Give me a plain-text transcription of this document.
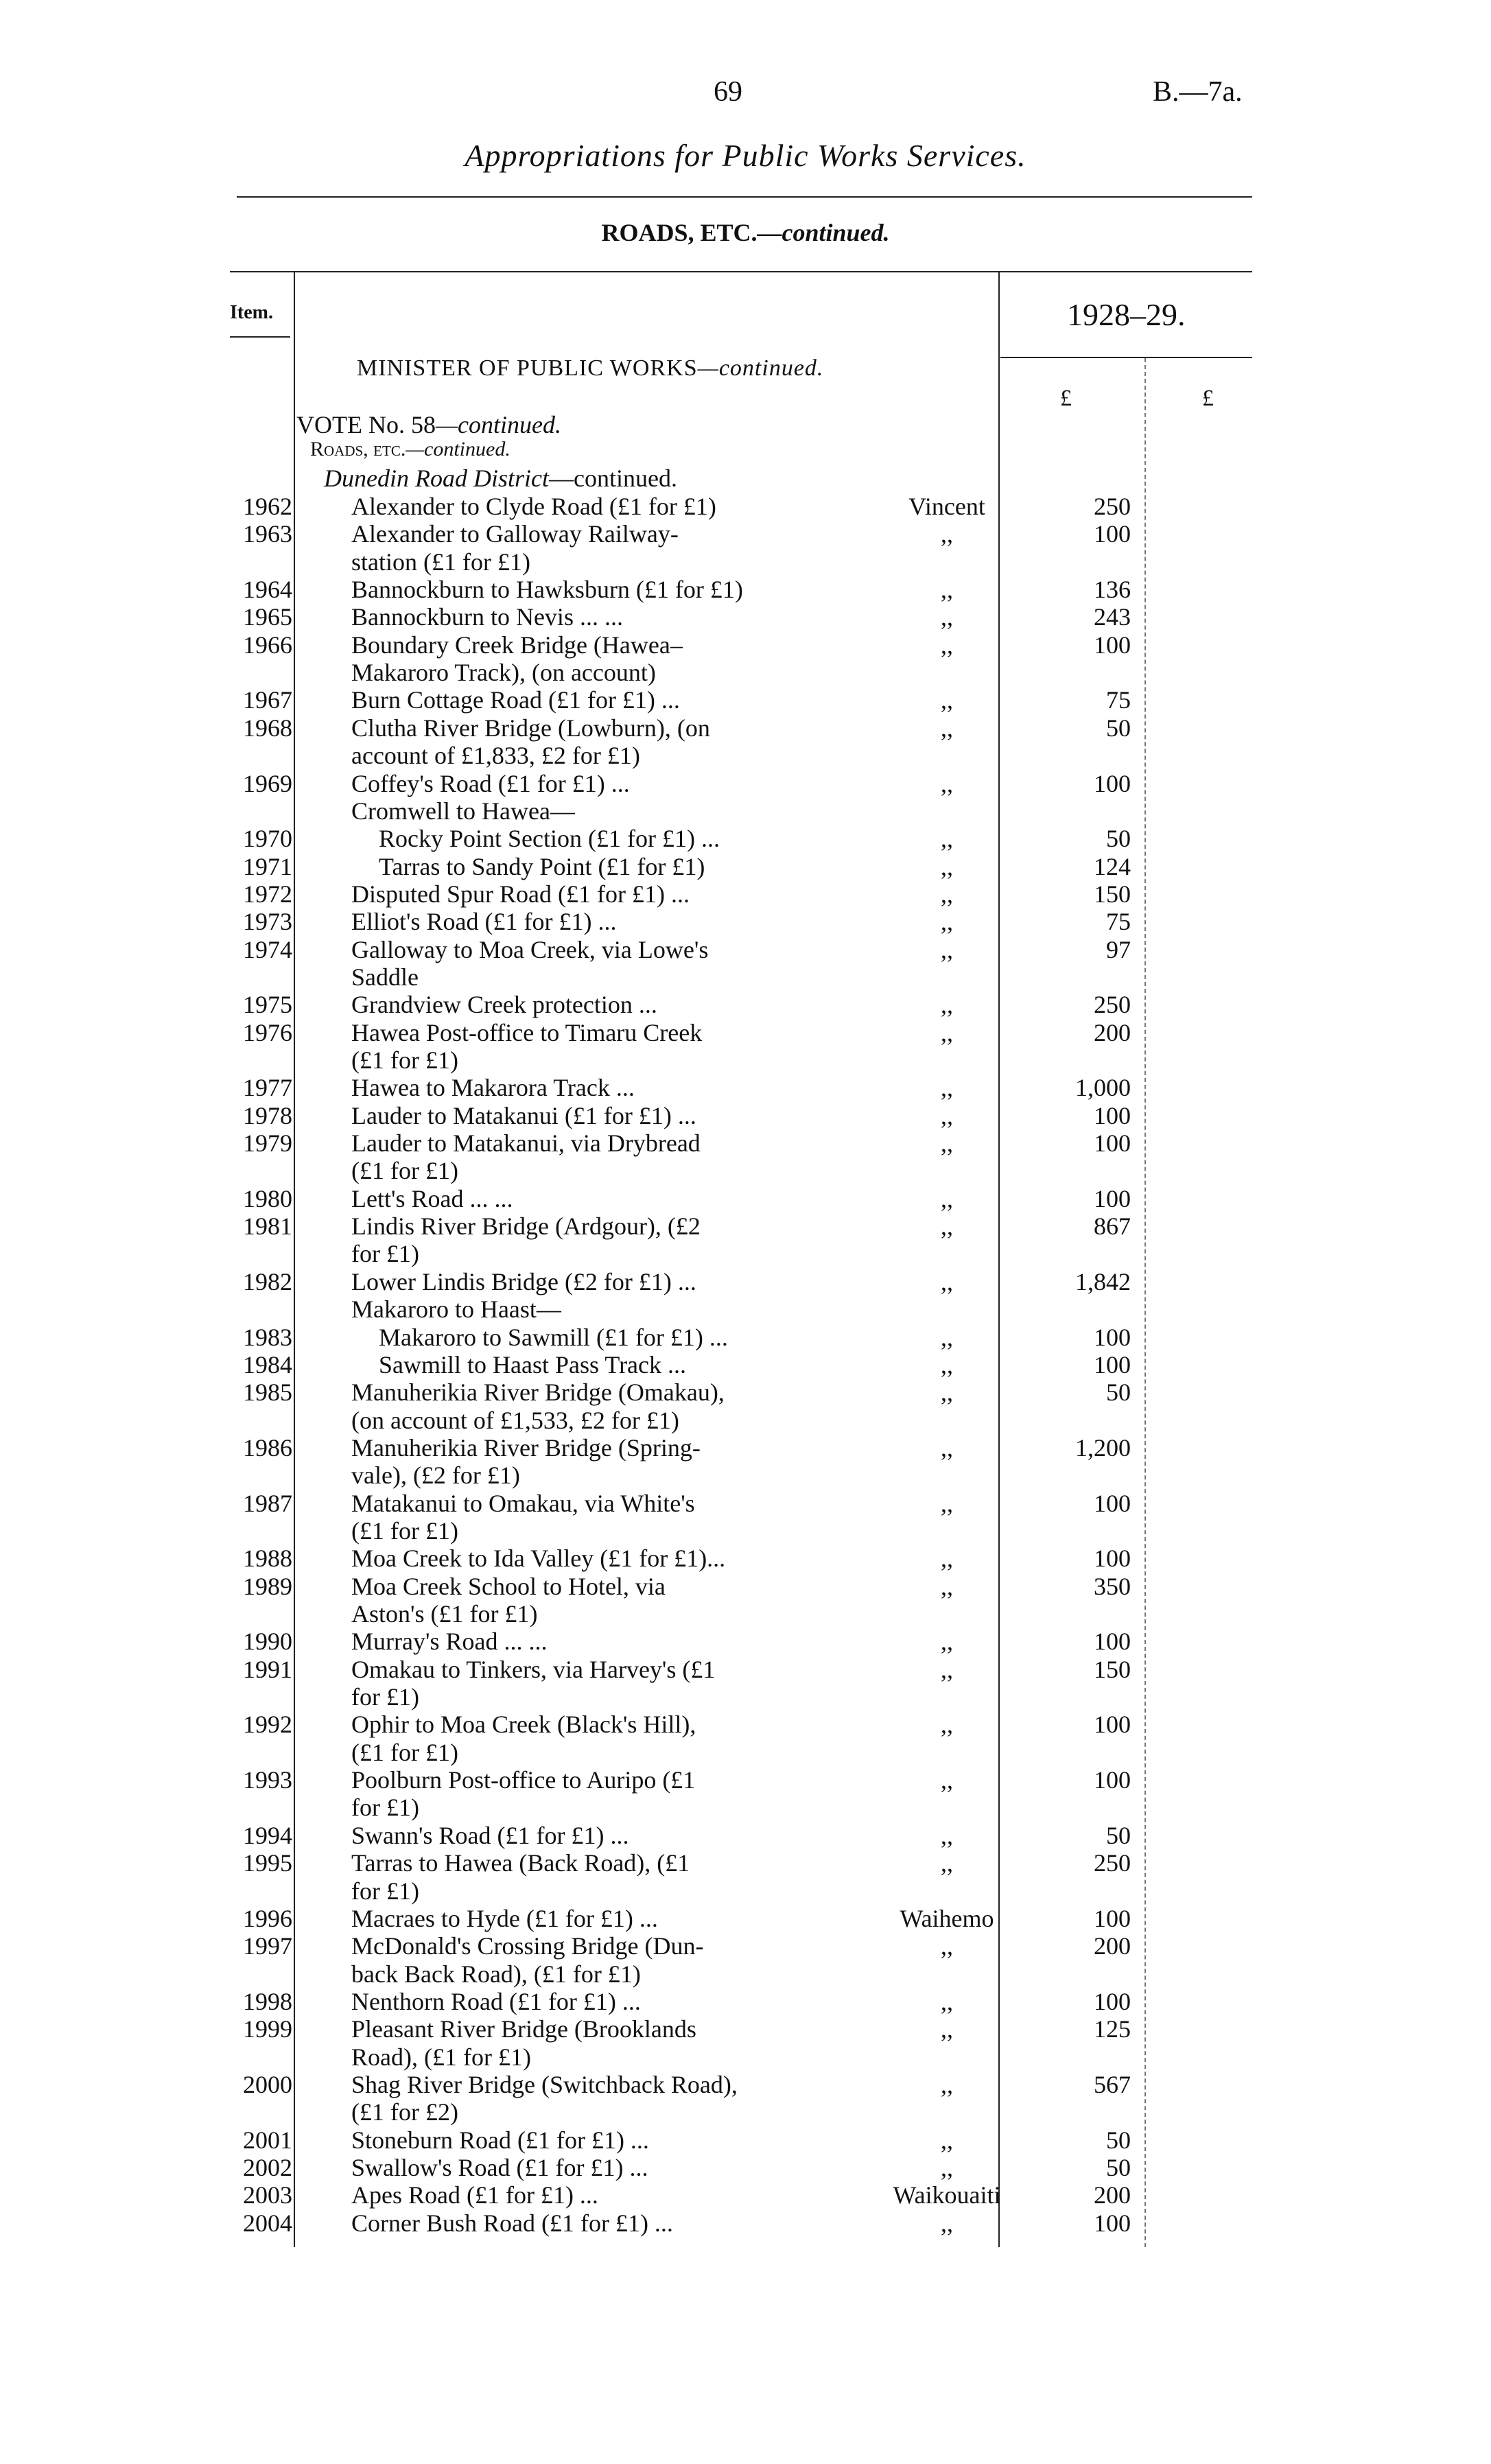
69	B.—7a.
Appropriations for Public Works Services.
ROADS, ETC.—continued.
Item.	1928–29.
MINISTER OF PUBLIC WORKS—continued.
£	£
VOTE No. 58—continued.
Roads, etc.—continued.
Dunedin Road District—continued.
1962 Alexander to Clyde Road (£1 for £1)	Vincent	250
1963 Alexander to Galloway Railway-	,,	100
station (£1 for £1)
1964 Bannockburn to Hawksburn (£1 for £1)	,,	136
1965 Bannockburn to Nevis ... ...	,,	243
1966 Boundary Creek Bridge (Hawea–	,,	100
Makaroro Track), (on account)
1967 Burn Cottage Road (£1 for £1) ...	,,	75
1968 Clutha River Bridge (Lowburn), (on	,,	50
account of £1,833, £2 for £1)
1969 Coffey's Road (£1 for £1) ...	,,	100
Cromwell to Hawea—
1970	Rocky Point Section (£1 for £1) ...	,,	50
1971	Tarras to Sandy Point (£1 for £1)	,,	124
1972 Disputed Spur Road (£1 for £1) ...	,,	150
1973 Elliot's Road (£1 for £1) ...	,,	75
1974 Galloway to Moa Creek, via Lowe's	,,	97
Saddle
1975 Grandview Creek protection ...	,,	250
1976 Hawea Post-office to Timaru Creek	,,	200
(£1 for £1)
1977 Hawea to Makarora Track ...	,,	1,000
1978 Lauder to Matakanui (£1 for £1) ...	,,	100
1979 Lauder to Matakanui, via Drybread	,,	100
(£1 for £1)
1980 Lett's Road ... ...	,,	100
1981 Lindis River Bridge (Ardgour), (£2	,,	867
for £1)
1982 Lower Lindis Bridge (£2 for £1) ...	,,	1,842
Makaroro to Haast—
1983	Makaroro to Sawmill (£1 for £1) ...	,,	100
1984	Sawmill to Haast Pass Track ...	,,	100
1985 Manuherikia River Bridge (Omakau),	,,	50
(on account of £1,533, £2 for £1)
1986 Manuherikia River Bridge (Spring-	,,	1,200
vale), (£2 for £1)
1987 Matakanui to Omakau, via White's	,,	100
(£1 for £1)
1988 Moa Creek to Ida Valley (£1 for £1)...	,,	100
1989 Moa Creek School to Hotel, via	,,	350
Aston's (£1 for £1)
1990 Murray's Road ... ...	,,	100
1991 Omakau to Tinkers, via Harvey's (£1	,,	150
for £1)
1992 Ophir to Moa Creek (Black's Hill),	,,	100
(£1 for £1)
1993 Poolburn Post-office to Auripo (£1	,,	100
for £1)
1994 Swann's Road (£1 for £1) ...	,,	50
1995 Tarras to Hawea (Back Road), (£1	,,	250
for £1)
1996 Macraes to Hyde (£1 for £1) ...	Waihemo	100
1997 McDonald's Crossing Bridge (Dun-	,,	200
back Back Road), (£1 for £1)
1998 Nenthorn Road (£1 for £1) ...	,,	100
1999 Pleasant River Bridge (Brooklands	,,	125
Road), (£1 for £1)
2000 Shag River Bridge (Switchback Road),	,,	567
(£1 for £2)
2001 Stoneburn Road (£1 for £1) ...	,,	50
2002 Swallow's Road (£1 for £1) ...	,,	50
2003 Apes Road (£1 for £1) ...	Waikouaiti	200
2004 Corner Bush Road (£1 for £1) ...	,,	100
